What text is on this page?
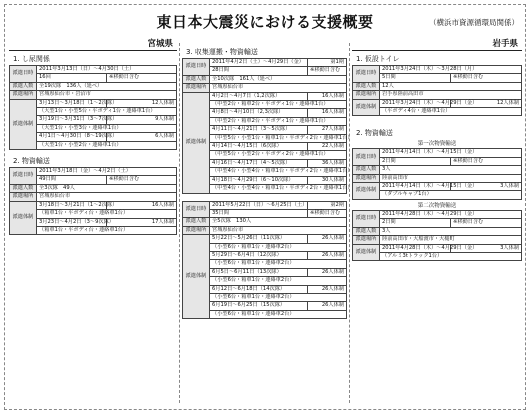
東日本大震災における支援概要	（横浜市資源循環局関係）
宮城県
1. し尿関係
派遣日時	2011年3月13日（日）〜4月30日（土）	
	16回	※移動日含む
派遣人数	全19次隊　136人（延べ）	
派遣場所	宮城県仙台市・岩沼市	
派遣体制	3月13日〜3月18日（1〜2次隊）	12人体制
	（大型1台・小型5台・平ボディ1台・連絡車1台）	
	3月19日〜3月31日（3〜7次隊）	9人体制
	（大型1台・小型3台・連絡車1台）	
	4月1日〜4月30日（8〜19次隊）	6人体制
	（大型1台・小型2台・連絡車1台）	
2. 物資輸送
派遣日時	2011年3月18日（金）〜4月2日（土）	
	49日間	※移動日含む
派遣人数	全3次隊　49人	
派遣場所	宮城県仙台市	
派遣体制	3月18日〜3月21日（1〜2次隊）	16人体制
	（箱車1台・平ボディ台・連絡車1台）	
	3月23日〜4月2日（3〜9次隊）	17人体制
	（箱車1台・平ボディ台・連絡車1台）	
3. 収集運搬・物資輸送
派遣日時	2011年4月2日（土）〜4月29日（金）	第1期
	28日間	※移動日含む
派遣人数	全10次隊　161人（延べ）	
派遣場所	宮城県仙台市	
派遣体制	4月2日〜4月7日（1,2次隊）	16人体制
	（中型2台・箱車2台・平ボディ1台・連絡車1台）	
	4月8日〜4月10日（2,3次隊）	16人体制
	（中型2台・箱車2台・平ボディ1台・連絡車1台）	
	4月11日〜4月21日（3〜5次隊）	27人体制
	（中型5台・小型1台・箱車1台・平ボディ2台・連絡車1台）	
	4月14日〜4月15日（6次隊）	22人体制
	（中型5台・小型2台・平ボディ2台・連絡車1台）	
	4月16日〜4月17日（4〜5次隊）	36人体制
	（中型4台・小型4台・箱車1台・平ボディ2台・連絡車1台）	
	4月18日〜4月29日（6〜10次隊）	30人体制
	（中型4台・小型4台・箱車1台・平ボディ2台・連絡車1台）	
派遣日時	2011年5月22日（日）〜6月25日（土）	第2期
	35日間	※移動日含む
派遣人数	全5次隊　130人	
派遣場所	宮城県仙台市	
派遣体制	5月22日〜5月26日（11次隊）	26人体制
	（小型6台・箱車1台・連絡車2台）	
	5月29日〜6月4日（12次隊）	26人体制
	（小型6台・箱車1台・連絡車2台）	
	6月5日〜6月11日（13次隊）	26人体制
	（小型6台・箱車1台・連絡車2台）	
	6月12日〜6月18日（14次隊）	26人体制
	（小型6台・箱車1台・連絡車2台）	
	6月19日〜6月25日（15次隊）	26人体制
	（小型6台・箱車1台・連絡車2台）	
岩手県
1. 仮設トイレ
派遣日時	2011年3月24日（木）〜3月28日（月）	
	5日間	※移動日含む
派遣人数	12人	
派遣場所	岩手県陸前高田市	
派遣体制	2011年3月24日（木）〜4月29日（金）	12人体制
	（平ボディ4台・連絡車1台）	
2. 物資輸送
第一次物資輸送
派遣日時	2011年4月14日（木）〜4月15日（金）	
	2日間	※移動日含む
派遣人数	3人	
派遣場所	陸前高田市	
派遣体制	2011年4月14日（木）〜4月15日（金）	3人体制
	（ダブルキャブ1台）	
第二次物資輸送
派遣日時	2011年4月28日（木）〜4月29日（金）	
	2日間	※移動日含む
派遣人数	3人	
派遣場所	陸前高田市・大船渡市・大槌町	
派遣体制	2011年4月28日（木）〜4月29日（金）	3人体制
	（アルミ3tトラック1台）	
